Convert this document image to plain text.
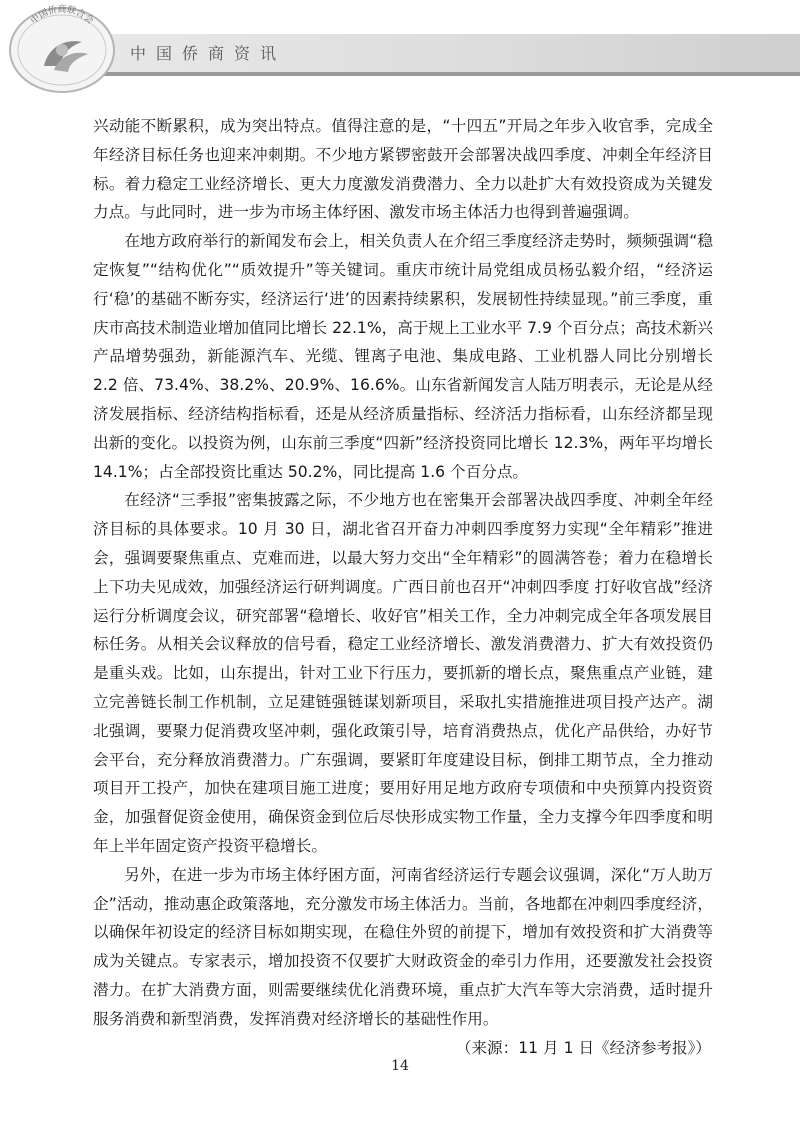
中国侨商联合会
中国侨商资讯

兴动能不断累积，成为突出特点。值得注意的是，“十四五”开局之年步入收官季，完成全年经济目标任务也迎来冲刺期。不少地方紧锣密鼓开会部署决战四季度、冲刺全年经济目标。着力稳定工业经济增长、更大力度激发消费潜力、全力以赴扩大有效投资成为关键发力点。与此同时，进一步为市场主体纾困、激发市场主体活力也得到普遍强调。

在地方政府举行的新闻发布会上，相关负责人在介绍三季度经济走势时，频频强调“稳定恢复”“结构优化”“质效提升”等关键词。重庆市统计局党组成员杨弘毅介绍，“经济运行‘稳’的基础不断夯实，经济运行‘进’的因素持续累积，发展韧性持续显现。”前三季度，重庆市高技术制造业增加值同比增长 22.1%，高于规上工业水平 7.9 个百分点；高技术新兴产品增势强劲，新能源汽车、光缆、锂离子电池、集成电路、工业机器人同比分别增长 2.2 倍、73.4%、38.2%、20.9%、16.6%。山东省新闻发言人陆万明表示，无论是从经济发展指标、经济结构指标看，还是从经济质量指标、经济活力指标看，山东经济都呈现出新的变化。以投资为例，山东前三季度“四新”经济投资同比增长 12.3%，两年平均增长 14.1%；占全部投资比重达 50.2%，同比提高 1.6 个百分点。

在经济“三季报”密集披露之际，不少地方也在密集开会部署决战四季度、冲刺全年经济目标的具体要求。10 月 30 日，湖北省召开奋力冲刺四季度努力实现“全年精彩”推进会，强调要聚焦重点、克难而进，以最大努力交出“全年精彩”的圆满答卷；着力在稳增长上下功夫见成效，加强经济运行研判调度。广西日前也召开“冲刺四季度 打好收官战”经济运行分析调度会议，研究部署“稳增长、收好官”相关工作，全力冲刺完成全年各项发展目标任务。从相关会议释放的信号看，稳定工业经济增长、激发消费潜力、扩大有效投资仍是重头戏。比如，山东提出，针对工业下行压力，要抓新的增长点，聚焦重点产业链，建立完善链长制工作机制，立足建链强链谋划新项目，采取扎实措施推进项目投产达产。湖北强调，要聚力促消费攻坚冲刺，强化政策引导，培育消费热点，优化产品供给，办好节会平台，充分释放消费潜力。广东强调，要紧盯年度建设目标，倒排工期节点，全力推动项目开工投产，加快在建项目施工进度；要用好用足地方政府专项债和中央预算内投资资金，加强督促资金使用，确保资金到位后尽快形成实物工作量，全力支撑今年四季度和明年上半年固定资产投资平稳增长。

另外，在进一步为市场主体纾困方面，河南省经济运行专题会议强调，深化“万人助万企”活动，推动惠企政策落地，充分激发市场主体活力。当前，各地都在冲刺四季度经济，以确保年初设定的经济目标如期实现，在稳住外贸的前提下，增加有效投资和扩大消费等成为关键点。专家表示，增加投资不仅要扩大财政资金的牵引力作用，还要激发社会投资潜力。在扩大消费方面，则需要继续优化消费环境，重点扩大汽车等大宗消费，适时提升服务消费和新型消费，发挥消费对经济增长的基础性作用。

（来源：11 月 1 日《经济参考报》）

14
